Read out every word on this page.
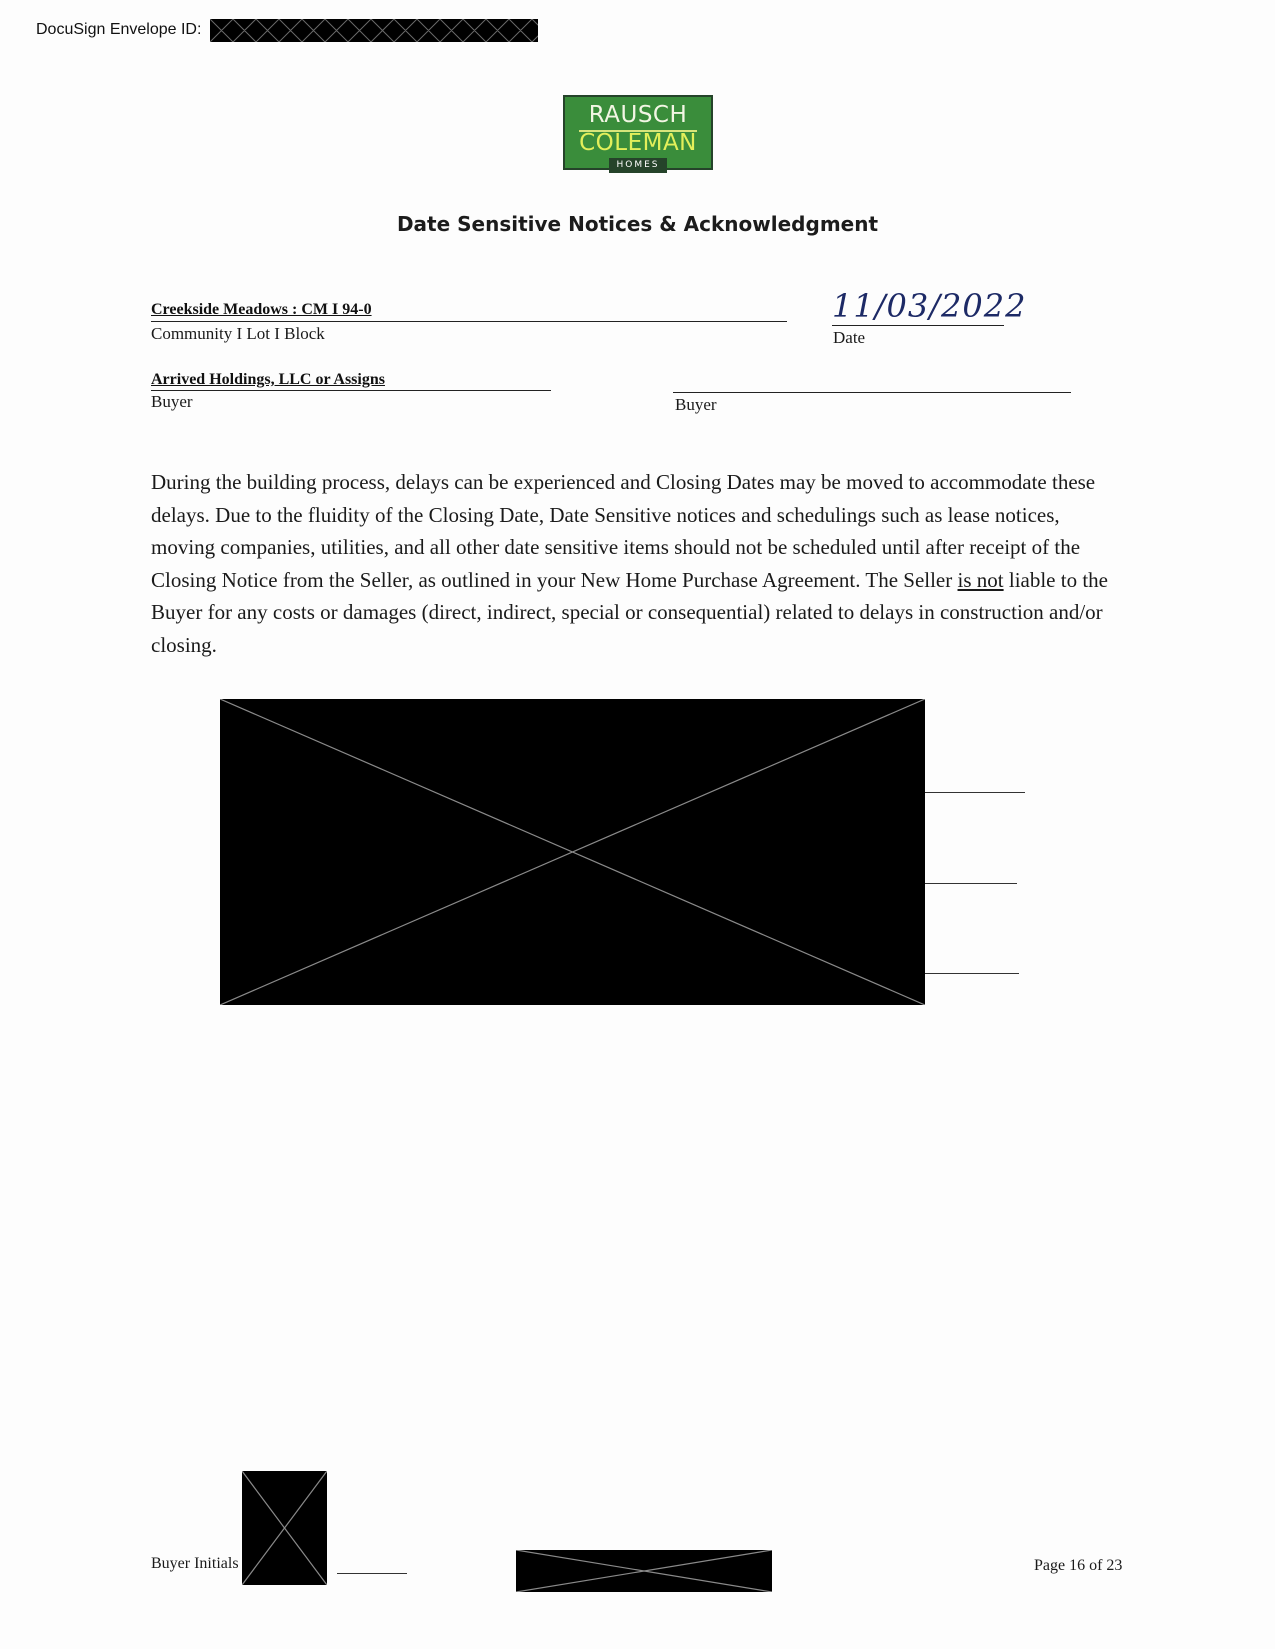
DocuSign Envelope ID:
RAUSCH
COLEMAN
HOMES
Date Sensitive Notices & Acknowledgment
Creekside Meadows : CM I 94-0
Community I Lot I Block
11/03/2022
Date
Arrived Holdings, LLC or Assigns
Buyer	Buyer
During the building process, delays can be experienced and Closing Dates may be moved to accommodate these delays. Due to the fluidity of the Closing Date, Date Sensitive notices and schedulings such as lease notices, moving companies, utilities, and all other date sensitive items should not be scheduled until after receipt of the Closing Notice from the Seller, as outlined in your New Home Purchase Agreement. The Seller is not liable to the Buyer for any costs or damages (direct, indirect, special or consequential) related to delays in construction and/or closing.
Buyer Initials	Page 16 of 23
